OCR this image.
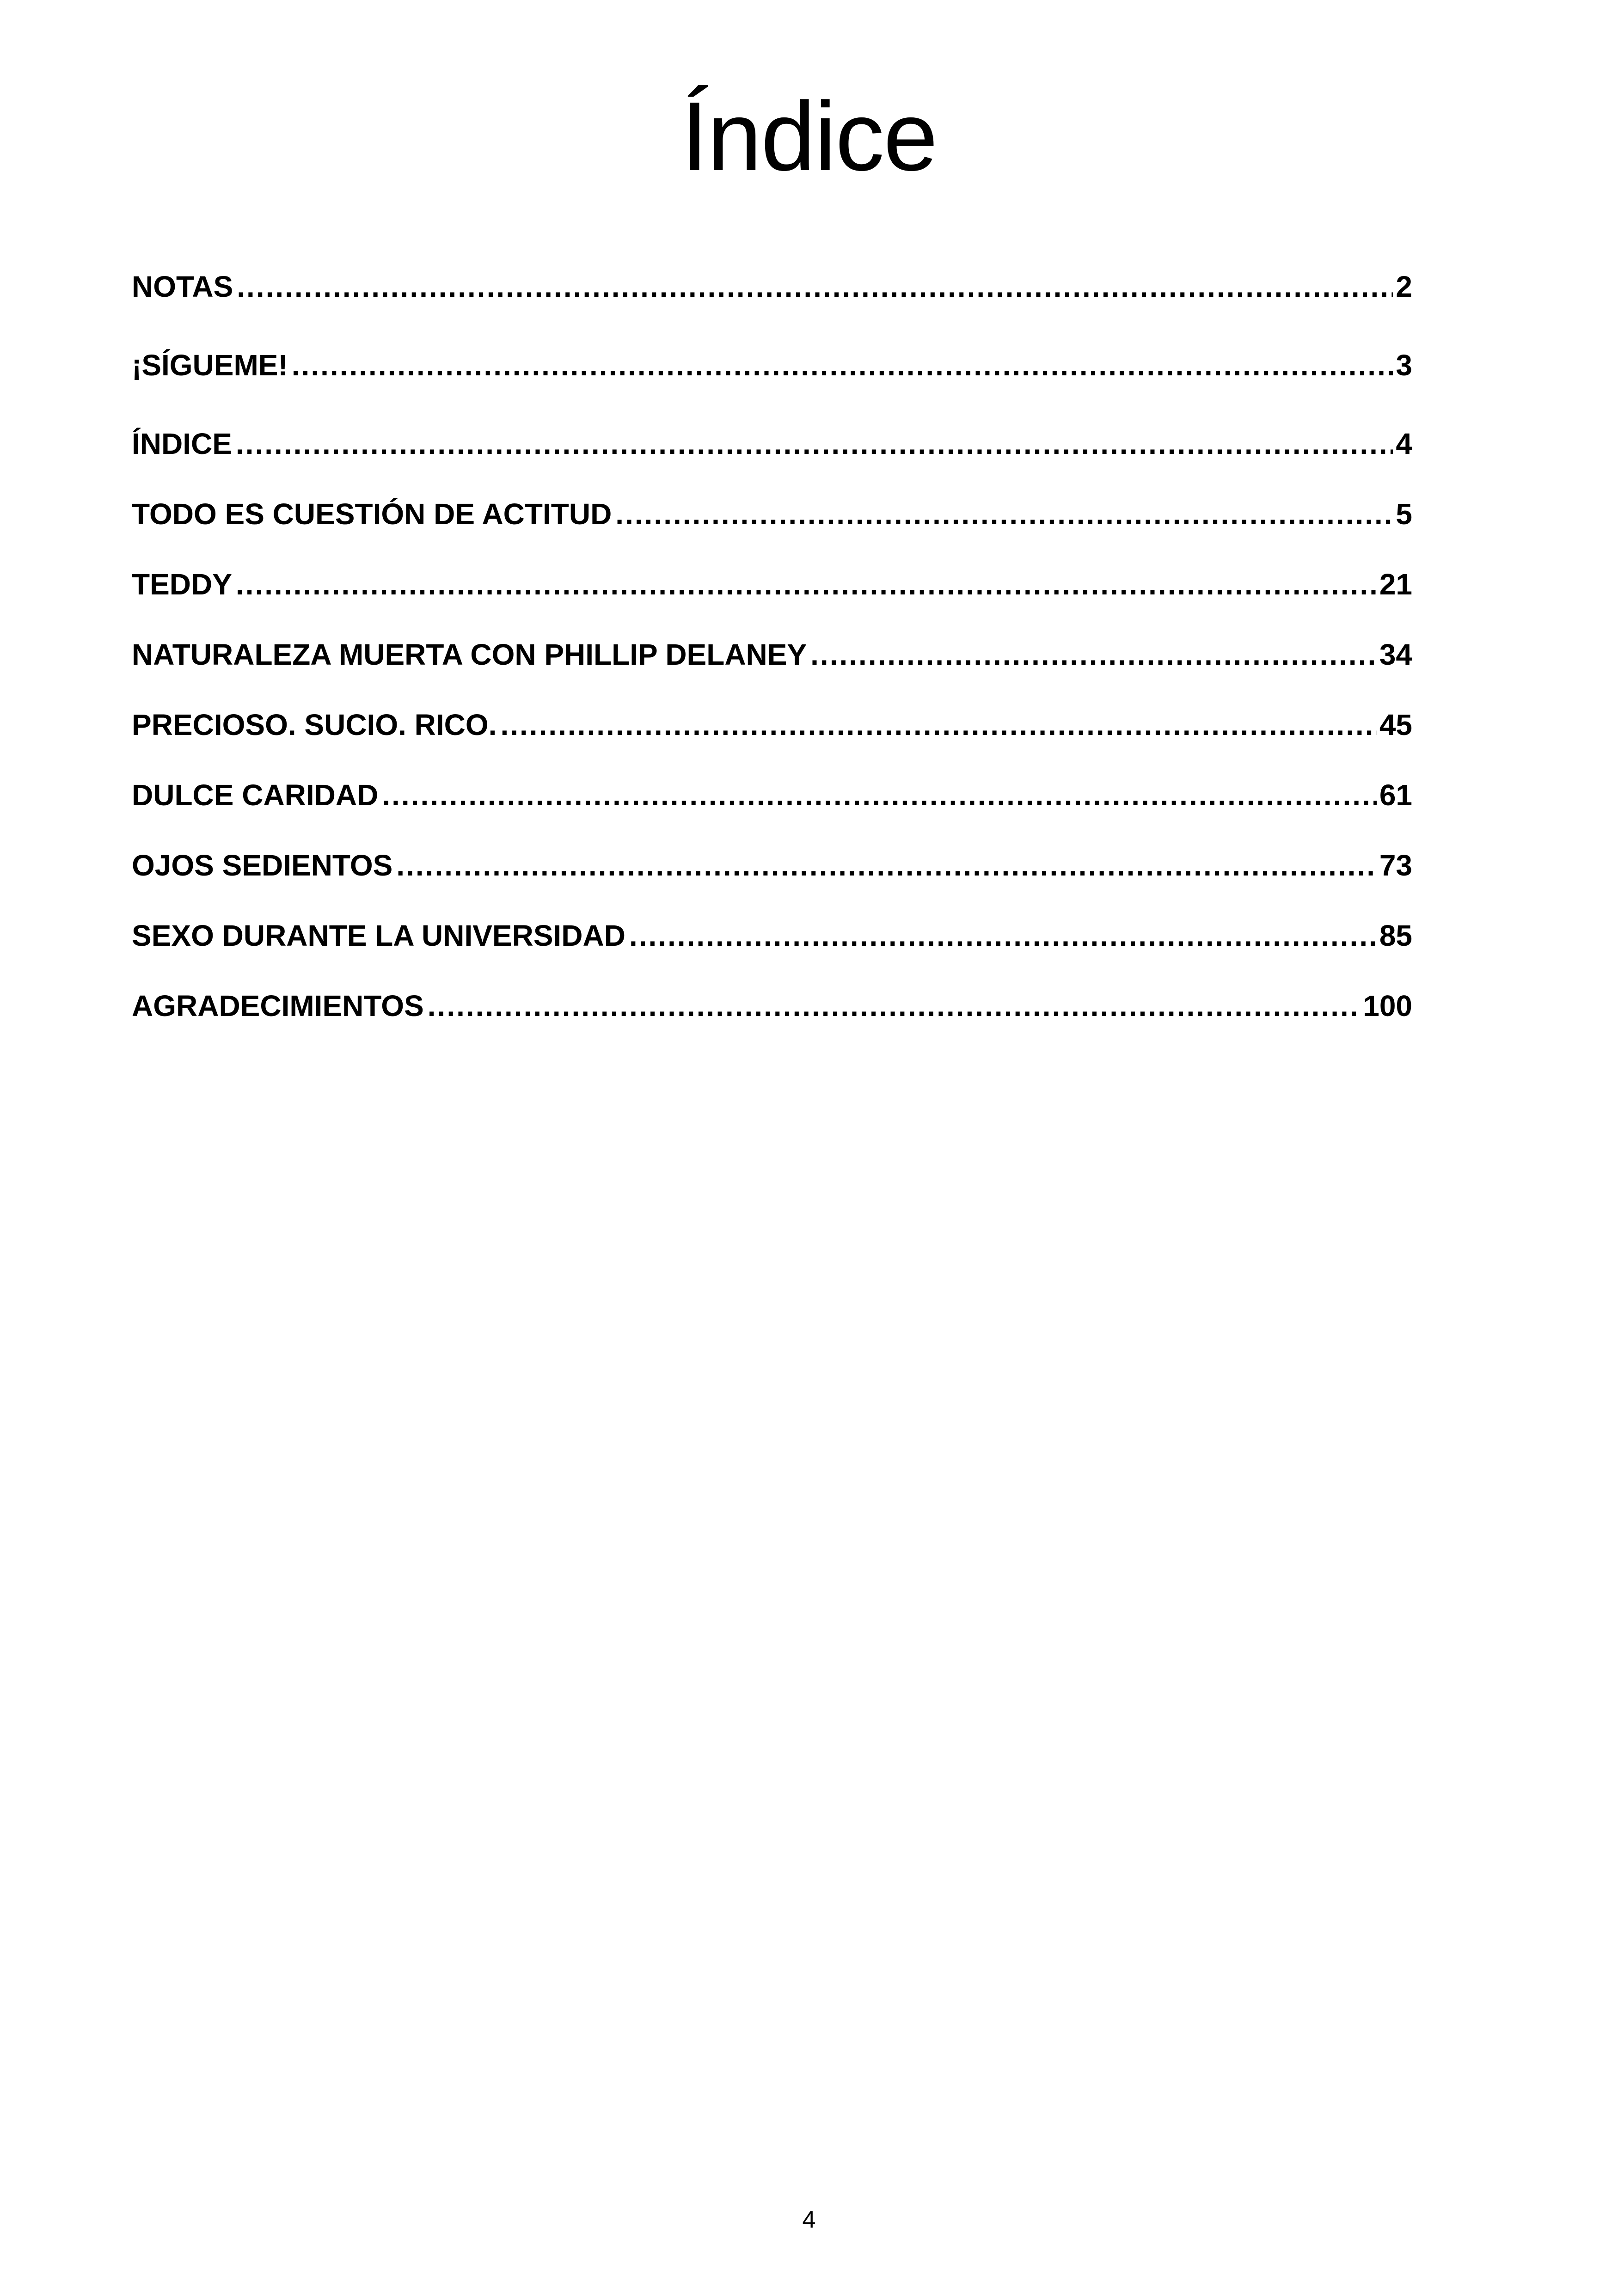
Índice
NOTAS .....	2
¡SÍGUEME! .....	3
ÍNDICE .....	4
TODO ES CUESTIÓN DE ACTITUD .....	5
TEDDY .....	21
NATURALEZA MUERTA CON PHILLIP DELANEY .....	34
PRECIOSO. SUCIO. RICO. .....	45
DULCE CARIDAD .....	61
OJOS SEDIENTOS .....	73
SEXO DURANTE LA UNIVERSIDAD .....	85
AGRADECIMIENTOS .....	100
4
